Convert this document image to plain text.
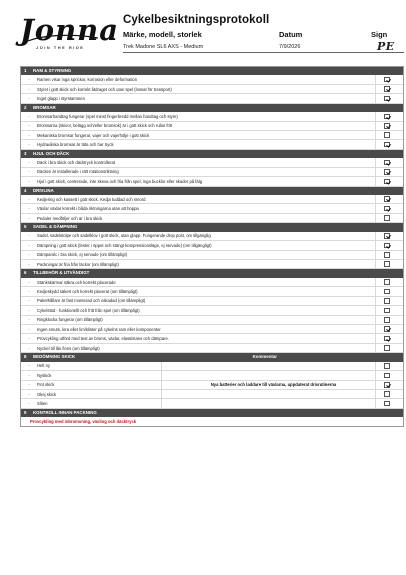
Jonna
JOIN THE RIDE
Cykelbesiktningsprotokoll
Märke, modell, storlek	Datum	Sign
Trek Madone SL6 AXS - Medium	7/9/2026	PE
1	RAM & STYRNING
-	Ramen visar inga sprickor, korrosion eller deformation
-	Styret i gott skick och korrekt åtdraget och utan spel (lossat för transport)
-	Inget glapp i styrstammen
2	BROMSAR
-	Bromsarhandtag fungerar (spel minst fingerbredd mellan handtag och styre)
-	Bromsarna (skivor, belägg och/eller bromsok) är i gott skick och rullar fritt
-	Mekaniska bromsar fungerar, vajer och vajerhölje i gott skick
-	Hydrauliska bromsar är täta och har tryck
3	HJUL OCH DÄCK
-	Däck i bra skick och däcktryck kontrollerat
-	Däcken är installerade i rätt rotationsriktning
-	Hjul i gott skick, centrerade, inte skeva och fria från spel, inga bucklor eller skador på fälg
4	DRIVLINA
-	Kedjering och kassett i gott skick. Kedja tuddad och smord
-	Växlar växlar korrekt i båda riktningarna utan att hoppa
-	Pedaler medföljer och är i bra skick
5	SADEL & DÄMPNING
-	Sadel, sadelstolpe och sadelklov i gott skick, utan glapp. Fungerande drop post, om tillgänglig
-	Dämpning i gott skick (fester i öppet och stängt kompressionsläge, ej servade) (om tillgängligt)
-	Dämparolc i bra skick, ej servade (om tillämpligt)
-	Packningar är fria från läckor (om tillämpligt)
6	TILLBEHÖR & UTVÄNDIGT
-	Stänkskärmar säkra och korrekt placerade
-	Kedjeskydd säkert och korrekt placerat (om tillämpligt)
-	Pakethållare är fast monterad och oskadad (om tillämpligt)
-	Cykelstöd - funktionellt och fritt från spel (om tillämpligt)
-	Ringklocka fungerar (om tillämpligt)
-	Ingen smuts, lera eller lim/klister på cykelns ram eller komponenter
-	Provcykling utförd med test av broms, växlar, elassistans och dämpare.
-	Nyckel till lås finns (om tillämpligt)
8	BEDÖMNING SKICK	Kommentar
-	Helt ny
-	Nyskick
-	Fint skick	Nya batterier och laddare till växlarna, uppdaterat drivrutinerna
-	Okej skick
-	Sliten
9	KONTROLL INNAN PACKNING
Provcykling med inbromsning, växling och däcktryck
